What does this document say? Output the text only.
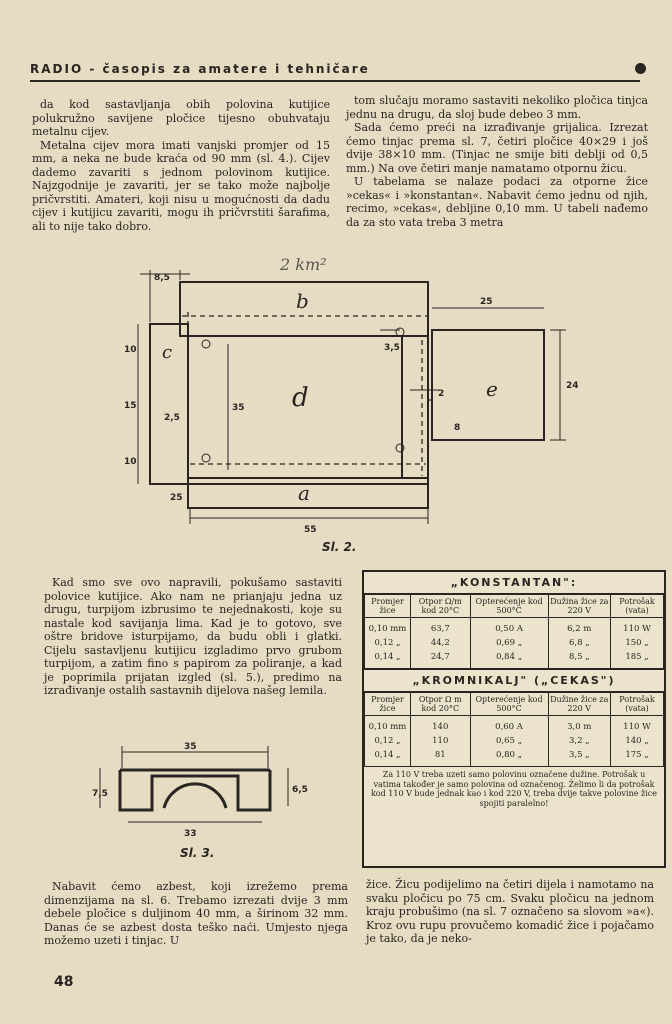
RADIO - časopis za amatere i tehničare

da kod sastavljanja obih polovina kutijice polukružno savijene pločice tijesno obuhvataju metalnu cijev.

Metalna cijev mora imati vanjski promjer od 15 mm, a neka ne bude kraća od 90 mm (sl. 4.). Cijev dademo zavariti s jednom polovinom kutijice. Najzgodnije je zavariti, jer se tako može najbolje pričvrstiti. Amateri, koji nisu u mogućnosti da dadu cijev i kutijicu zavariti, mogu ih pričvrstiti šarafima, ali to nije tako dobro.

tom slučaju moramo sastaviti nekoliko pločica tinjca jednu na drugu, da sloj bude debeo 3 mm.

Sada ćemo preći na izrađivanje grijalica. Izrezat ćemo tinjac prema sl. 7, četiri pločice 40×29 i još dvije 38×10 mm. (Tinjac ne smije biti deblji od 0,5 mm.) Na ove četiri manje namatamo otpornu žicu.

U tabelama se nalaze podaci za otporne žice »cekas« i »konstantan«. Nabavit ćemo jednu od njih, recimo, »cekas«, debljine 0,10 mm. U tabeli nađemo da za sto vata treba 3 metra

b
c
d	e
a
2 km²
8,5
10
15
10
2,5
35
25
55
3,5
25
2
24
8
Sl. 2.

Kad smo sve ovo napravili, pokušamo sastaviti polovice kutijice. Ako nam ne prianjaju jedna uz drugu, turpijom izbrusimo te nejednakosti, koje su nastale kod savijanja lima. Kad je to gotovo, sve oštre bridove isturpijamo, da budu obli i glatki. Cijelu sastavljenu kutijicu izgladimo prvo grubom turpijom, a zatim fino s papirom za poliranje, a kad je poprimila prijatan izgled (sl. 5.), predimo na izrađivanje ostalih sastavnih dijelova našeg lemila.

35
33
7,5	6,5
Sl. 3.
„KONSTANTAN":
Promjer žice	Otpor Ω/m kod 20°C	Opterećenje kod 500°C	Dužina žice za 220 V	Potrošak (vata)
0,10 mm	63,7	0,50 A	6,2 m	110 W
0,12 „	44,2	0,69 „	6,8 „	150 „
0,14 „	24,7	0,84 „	8,5 „	185 „
„KROMNIKALJ" („CEKAS")
Promjer žice	Otpor Ω m kod 20°C	Opterećenje kod 500°C	Dužine žice za 220 V	Potrošak (vata)
0,10 mm	140	0,60 A	3,0 m	110 W
0,12 „	110	0,65 „	3,2 „	140 „
0,14 „	81	0,80 „	3,5 „	175 „
Za 110 V treba uzeti samo polovinu označene dužine. Potrošak u vatima također je samo polovina od označenog. Želimo li da potrošak kod 110 V bude jednak kao i kod 220 V, treba dvije takve polovine žice spojiti paralelno!

Nabavit ćemo azbest, koji izrežemo prema dimenzijama na sl. 6. Trebamo izrezati dvije 3 mm debele pločice s duljinom 40 mm, a širinom 32 mm. Danas će se azbest dosta teško naći. Umjesto njega možemo uzeti i tinjac. U

žice. Žicu podijelimo na četiri dijela i namotamo na svaku pločicu po 75 cm. Svaku pločicu na jednom kraju probušimo (na sl. 7 označeno sa slovom »a«). Kroz ovu rupu provučemo komadić žice i pojačamo je tako, da je neko-

48
